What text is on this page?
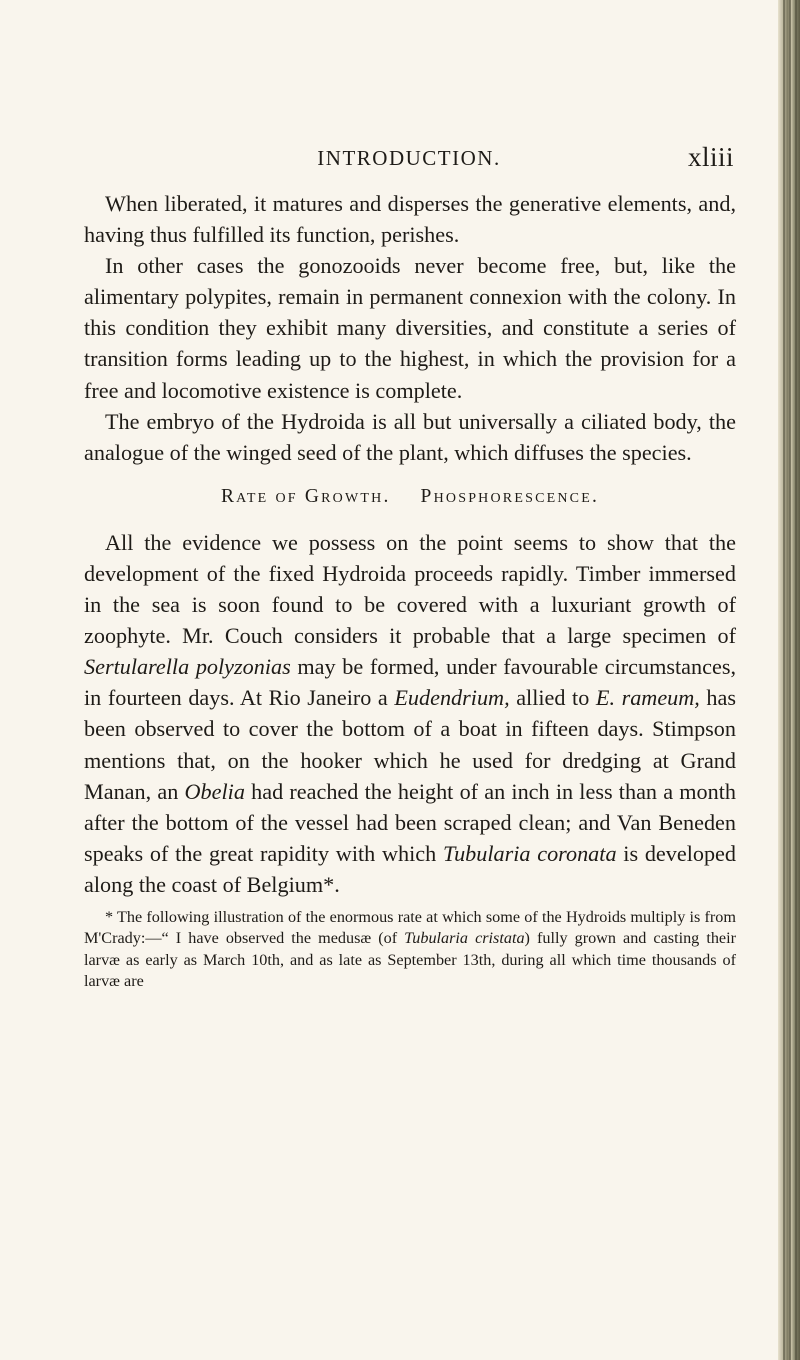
INTRODUCTION.	xliii

When liberated, it matures and disperses the generative elements, and, having thus fulfilled its function, perishes.

In other cases the gonozooids never become free, but, like the alimentary polypites, remain in permanent connexion with the colony. In this condition they exhibit many diversities, and constitute a series of transition forms leading up to the highest, in which the provision for a free and locomotive existence is complete.

The embryo of the Hydroida is all but universally a ciliated body, the analogue of the winged seed of the plant, which diffuses the species.

Rate of Growth. Phosphorescence.

All the evidence we possess on the point seems to show that the development of the fixed Hydroida proceeds rapidly. Timber immersed in the sea is soon found to be covered with a luxuriant growth of zoophyte. Mr. Couch considers it probable that a large specimen of Sertularella polyzonias may be formed, under favourable circumstances, in fourteen days. At Rio Janeiro a Eudendrium, allied to E. rameum, has been observed to cover the bottom of a boat in fifteen days. Stimpson mentions that, on the hooker which he used for dredging at Grand Manan, an Obelia had reached the height of an inch in less than a month after the bottom of the vessel had been scraped clean; and Van Beneden speaks of the great rapidity with which Tubularia coronata is developed along the coast of Belgium*.

* The following illustration of the enormous rate at which some of the Hydroids multiply is from M'Crady:—“ I have observed the medusæ (of Tubularia cristata) fully grown and casting their larvæ as early as March 10th, and as late as September 13th, during all which time thousands of larvæ are
